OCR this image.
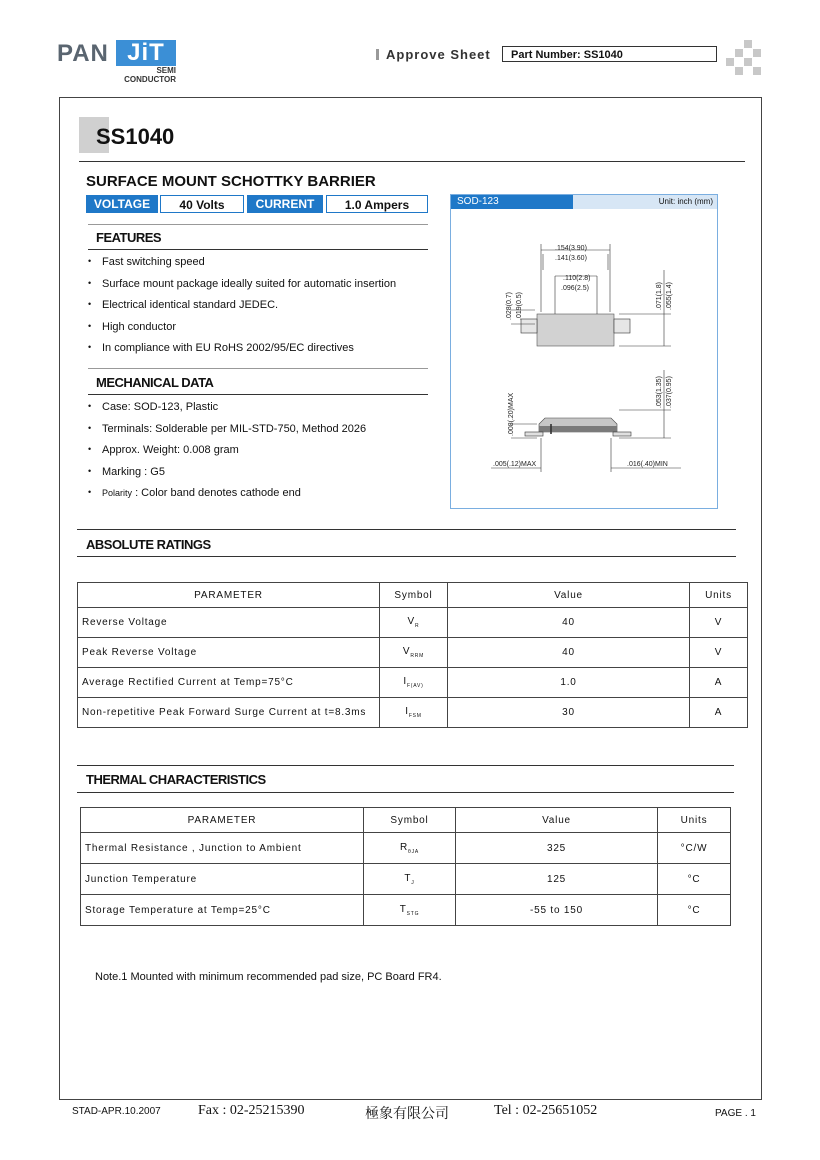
PAN JiT
SEMI
CONDUCTOR
Approve Sheet	Part Number: SS1040
SS1040
SURFACE MOUNT SCHOTTKY BARRIER
VOLTAGE	40 Volts	CURRENT	1.0 Ampers
FEATURES
• Fast switching speed
• Surface mount package ideally suited for automatic insertion
• Electrical identical standard JEDEC.
• High conductor
• In compliance with EU RoHS 2002/95/EC directives
MECHANICAL DATA
• Case: SOD-123, Plastic
• Terminals: Solderable per MIL-STD-750, Method 2026
• Approx. Weight: 0.008 gram
• Marking : G5
• Polarity : Color band denotes cathode end
SOD-123	Unit: inch (mm)
.154(3.90)
.141(3.60)
.110(2.8)
.096(2.5)
.028(0.7) .019(0.5)	.071(1.8) .055(1.4)
.008(.20)MAX
.053(1.35) .037(0.95)
.005(.12)MAX	.016(.40)MIN
ABSOLUTE RATINGS
PARAMETER	Symbol	Value	Units
Reverse Voltage	$V_R$	40	V
Peak Reverse Voltage	$V_{RRM}$	40	V
Average Rectified Current at Temp=75°C	$I_{F(AV)}$	1.0	A
Non-repetitive Peak Forward Surge Current at t=8.3ms	$I_{FSM}$	30	A
THERMAL CHARACTERISTICS
PARAMETER	Symbol	Value	Units
Thermal Resistance , Junction to Ambient	$R_{\theta JA}$	325	°C/W
Junction Temperature	$T_J$	125	°C
Storage Temperature at Temp=25°C	$T_{STG}$	-55 to 150	°C
Note.1 Mounted with minimum recommended pad size, PC Board FR4.
STAD-APR.10.2007	Fax : 02-25215390	極象有限公司	Tel : 02-25651052	PAGE . 1
